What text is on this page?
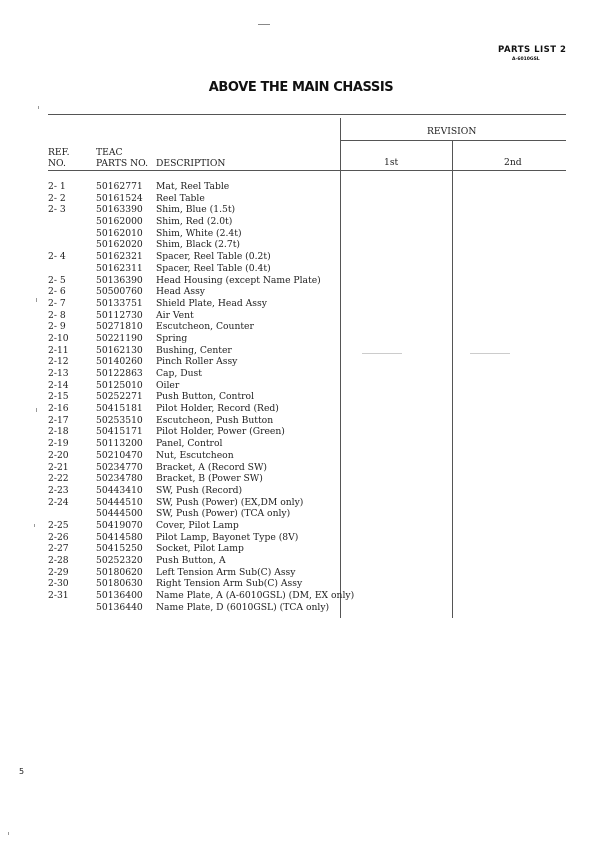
PARTS LIST 2
A-6010GSL
ABOVE THE MAIN CHASSIS
REVISION
REF.
NO.
TEAC
PARTS NO. DESCRIPTION	1st	2nd
2- 1	50162771 Mat, Reel Table
2- 2	50161524 Reel Table
2- 3	50163390 Shim, Blue (1.5t)
50162000 Shim, Red (2.0t)
50162010 Shim, White (2.4t)
50162020 Shim, Black (2.7t)
2- 4	50162321 Spacer, Reel Table (0.2t)
50162311 Spacer, Reel Table (0.4t)
2- 5	50136390 Head Housing (except Name Plate)
2- 6	50500760 Head Assy
2- 7	50133751 Shield Plate, Head Assy
2- 8	50112730 Air Vent
2- 9	50271810 Escutcheon, Counter
2-10	50221190 Spring
2-11	50162130 Bushing, Center
2-12	50140260 Pinch Roller Assy
2-13	50122863 Cap, Dust
2-14	50125010 Oiler
2-15	50252271 Push Button, Control
2-16	50415181 Pilot Holder, Record (Red)
2-17	50253510 Escutcheon, Push Button
2-18	50415171 Pilot Holder, Power (Green)
2-19	50113200 Panel, Control
2-20	50210470 Nut, Escutcheon
2-21	50234770 Bracket, A (Record SW)
2-22	50234780 Bracket, B (Power SW)
2-23	50443410 SW, Push (Record)
2-24	50444510 SW, Push (Power) (EX,DM only)
50444500 SW, Push (Power) (TCA only)
2-25	50419070 Cover, Pilot Lamp
2-26	50414580 Pilot Lamp, Bayonet Type (8V)
2-27	50415250 Socket, Pilot Lamp
2-28	50252320 Push Button, A
2-29	50180620 Left Tension Arm Sub(C) Assy
2-30	50180630 Right Tension Arm Sub(C) Assy
2-31	50136400 Name Plate, A (A-6010GSL) (DM, EX only)
50136440 Name Plate, D (6010GSL) (TCA only)
5
